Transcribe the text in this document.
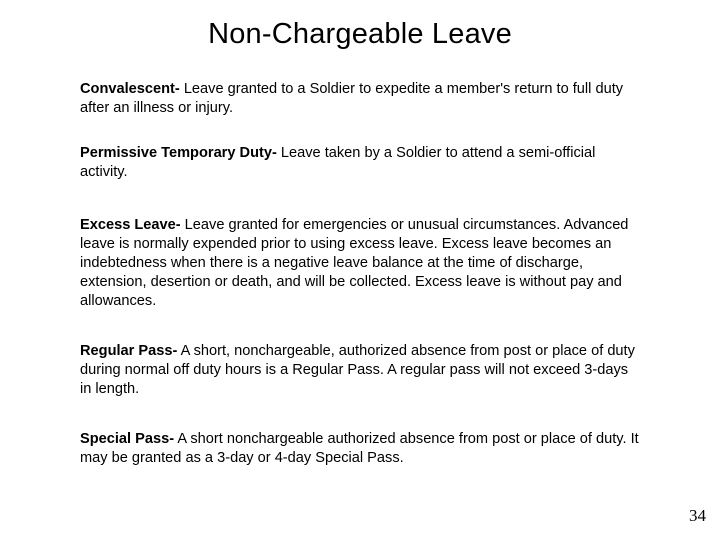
Non-Chargeable Leave

Convalescent- Leave granted to a Soldier to expedite a member's return to full duty after an illness or injury.

Permissive Temporary Duty- Leave taken by a Soldier to attend a semi-official activity.

Excess Leave- Leave granted for emergencies or unusual circumstances. Advanced leave is normally expended prior to using excess leave. Excess leave becomes an indebtedness when there is a negative leave balance at the time of discharge, extension, desertion or death, and will be collected. Excess leave is without pay and allowances.

Regular Pass- A short, nonchargeable, authorized absence from post or place of duty during normal off duty hours is a Regular Pass. A regular pass will not exceed 3-days in length.

Special Pass- A short nonchargeable authorized absence from post or place of duty. It may be granted as a 3-day or 4-day Special Pass.

34
